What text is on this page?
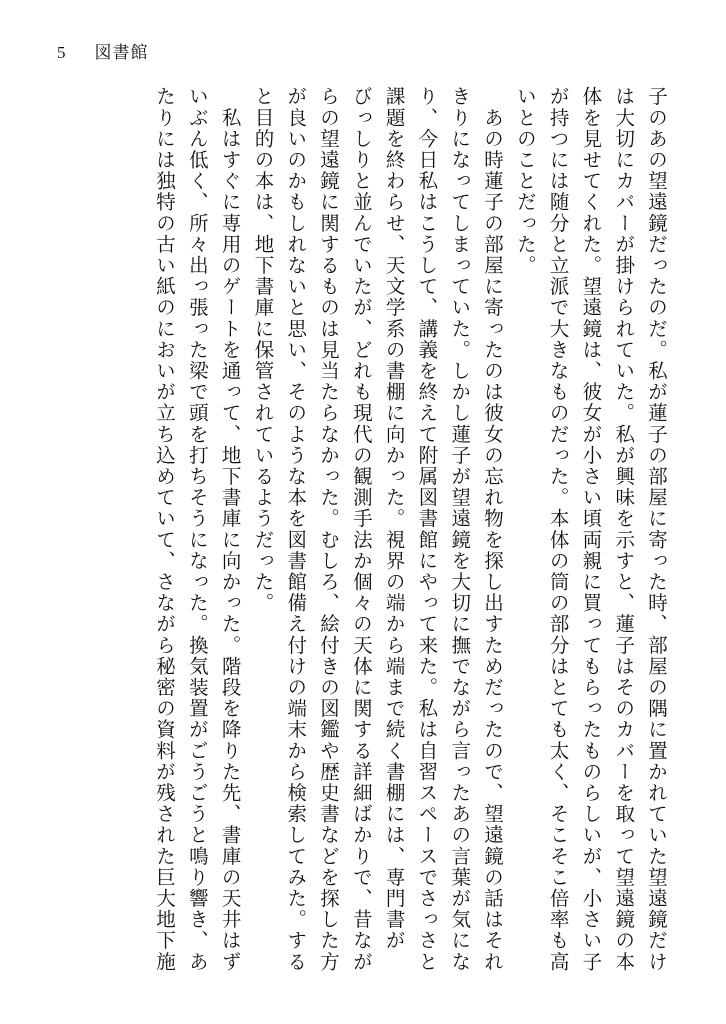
5 図書館
子のあの望遠鏡だったのだ。私が蓮子の部屋に寄った時、部屋の隅に置かれていた望遠鏡だけ
は大切にカバーが掛けられていた。私が興味を示すと、蓮子はそのカバーを取って望遠鏡の本
体を見せてくれた。望遠鏡は、彼女が小さい頃両親に買ってもらったものらしいが、小さい子
が持つには随分と立派で大きなものだった。本体の筒の部分はとても太く、そこそこ倍率も高
いとのことだった。
　あの時蓮子の部屋に寄ったのは彼女の忘れ物を探し出すためだったので、望遠鏡の話はそれ
きりになってしまっていた。しかし蓮子が望遠鏡を大切に撫でながら言ったあの言葉が気にな
り、今日私はこうして、講義を終えて附属図書館にやって来た。私は自習スペースでさっさと
課題を終わらせ、天文学系の書棚に向かった。視界の端から端まで続く書棚には、専門書が
びっしりと並んでいたが、どれも現代の観測手法か個々の天体に関する詳細ばかりで、昔なが
らの望遠鏡に関するものは見当たらなかった。むしろ、絵付きの図鑑や歴史書などを探した方
が良いのかもしれないと思い、そのような本を図書館備え付けの端末から検索してみた。する
と目的の本は、地下書庫に保管されているようだった。
　私はすぐに専用のゲートを通って、地下書庫に向かった。階段を降りた先、書庫の天井はず
いぶん低く、所々出っ張った梁で頭を打ちそうになった。換気装置がごうごうと鳴り響き、あ
たりには独特の古い紙のにおいが立ち込めていて、さながら秘密の資料が残された巨大地下施
